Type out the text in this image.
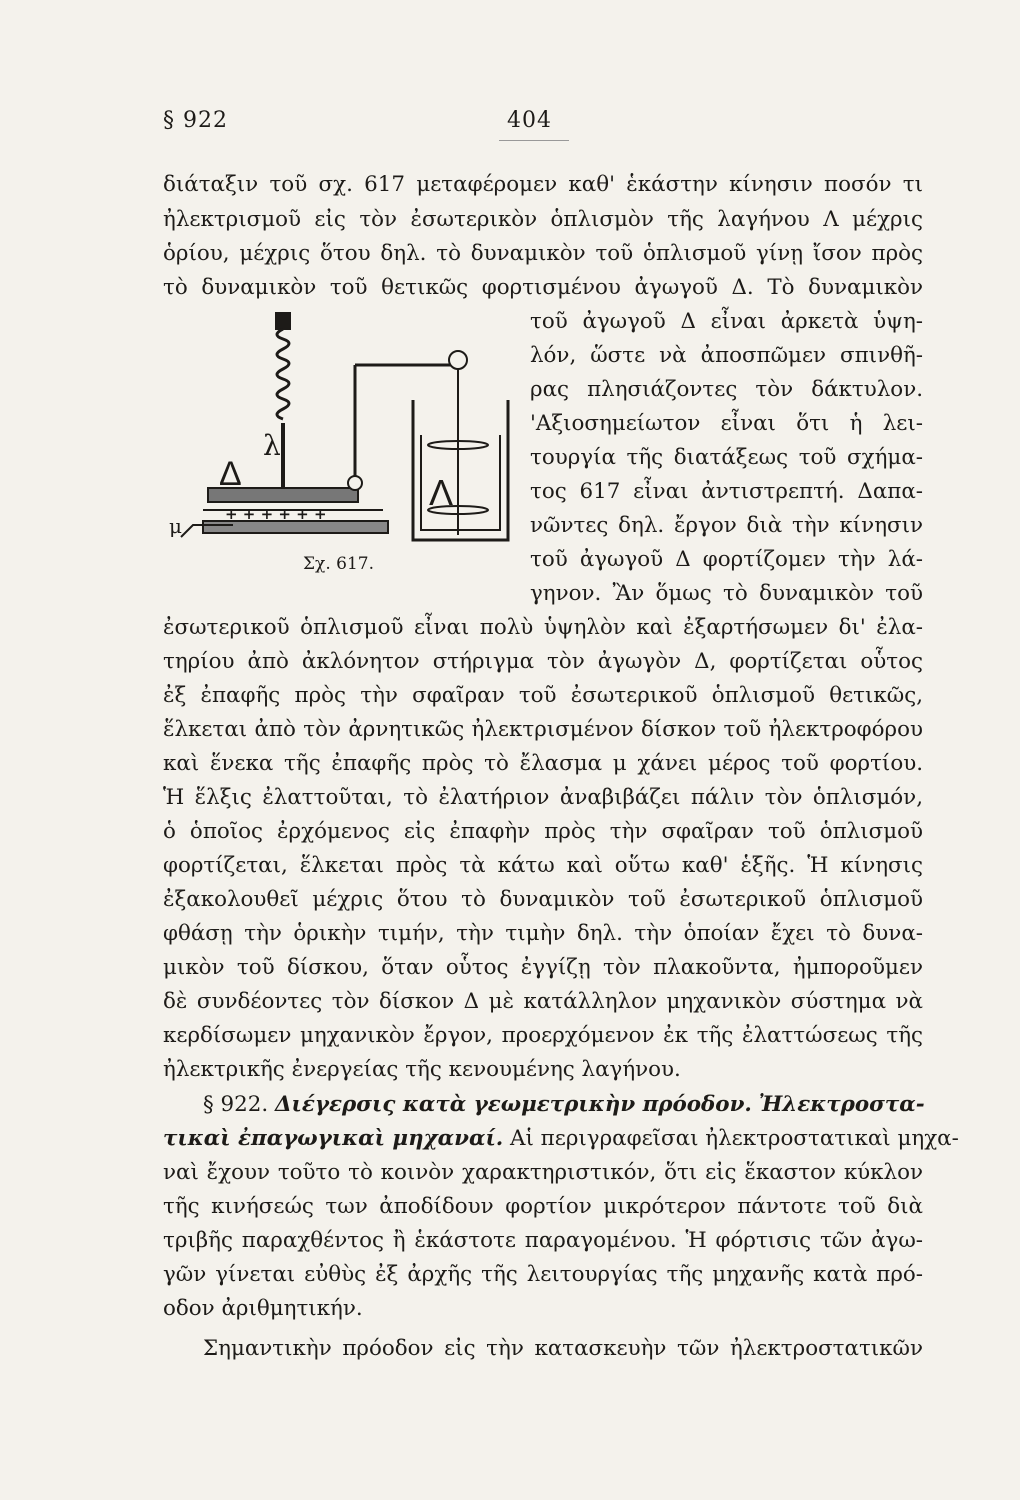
§ 922	404
διάταξιν τοῦ σχ. 617 μεταφέρομεν καθ' ἑκάστην κίνησιν ποσόν τι
ἠλεκτρισμοῦ εἰς τὸν ἐσωτερικὸν ὁπλισμὸν τῆς λαγήνου Λ μέχρις
ὁρίου, μέχρις ὅτου δηλ. τὸ δυναμικὸν τοῦ ὁπλισμοῦ γίνῃ ἴσον πρὸς
τὸ δυναμικὸν τοῦ θετικῶς φορτισμένου ἀγωγοῦ Δ. Τὸ δυναμικὸν
Δ
λ
Λ
μ	+ + + + + +
Σχ. 617.
τοῦ ἀγωγοῦ Δ εἶναι ἀρκετὰ ὑψη-
λόν, ὥστε νὰ ἀποσπῶμεν σπινθῆ-
ρας πλησιάζοντες τὸν δάκτυλον.
'Αξιοσημείωτον εἶναι ὅτι ἡ λει-
τουργία τῆς διατάξεως τοῦ σχήμα-
τος 617 εἶναι ἀντιστρεπτή. Δαπα-
νῶντες δηλ. ἔργον διὰ τὴν κίνησιν
τοῦ ἀγωγοῦ Δ φορτίζομεν τὴν λά-
γηνον. Ἂν ὅμως τὸ δυναμικὸν τοῦ
ἐσωτερικοῦ ὁπλισμοῦ εἶναι πολὺ ὑψηλὸν καὶ ἐξαρτήσωμεν δι' ἐλα-
τηρίου ἀπὸ ἀκλόνητον στήριγμα τὸν ἀγωγὸν Δ, φορτίζεται οὗτος
ἐξ ἐπαφῆς πρὸς τὴν σφαῖραν τοῦ ἐσωτερικοῦ ὁπλισμοῦ θετικῶς,
ἕλκεται ἀπὸ τὸν ἀρνητικῶς ἠλεκτρισμένον δίσκον τοῦ ἠλεκτροφόρου
καὶ ἕνεκα τῆς ἐπαφῆς πρὸς τὸ ἔλασμα μ χάνει μέρος τοῦ φορτίου.
Ἡ ἕλξις ἐλαττοῦται, τὸ ἐλατήριον ἀναβιβάζει πάλιν τὸν ὁπλισμόν,
ὁ ὁποῖος ἐρχόμενος εἰς ἐπαφὴν πρὸς τὴν σφαῖραν τοῦ ὁπλισμοῦ
φορτίζεται, ἕλκεται πρὸς τὰ κάτω καὶ οὕτω καθ' ἑξῆς. Ἡ κίνησις
ἐξακολουθεῖ μέχρις ὅτου τὸ δυναμικὸν τοῦ ἐσωτερικοῦ ὁπλισμοῦ
φθάσῃ τὴν ὁρικὴν τιμήν, τὴν τιμὴν δηλ. τὴν ὁποίαν ἔχει τὸ δυνα-
μικὸν τοῦ δίσκου, ὅταν οὗτος ἐγγίζῃ τὸν πλακοῦντα, ἠμποροῦμεν
δὲ συνδέοντες τὸν δίσκον Δ μὲ κατάλληλον μηχανικὸν σύστημα νὰ
κερδίσωμεν μηχανικὸν ἔργον, προερχόμενον ἐκ τῆς ἐλαττώσεως τῆς
ἠλεκτρικῆς ἐνεργείας τῆς κενουμένης λαγήνου.
§ 922. Διέγερσις κατὰ γεωμετρικὴν πρόοδον. Ἠλεκτροστα-
τικαὶ ἐπαγωγικαὶ μηχαναί. Αἱ περιγραφεῖσαι ἠλεκτροστατικαὶ μηχα-
ναὶ ἔχουν τοῦτο τὸ κοινὸν χαρακτηριστικόν, ὅτι εἰς ἕκαστον κύκλον
τῆς κινήσεώς των ἀποδίδουν φορτίον μικρότερον πάντοτε τοῦ διὰ
τριβῆς παραχθέντος ἢ ἑκάστοτε παραγομένου. Ἡ φόρτισις τῶν ἀγω-
γῶν γίνεται εὐθὺς ἐξ ἀρχῆς τῆς λειτουργίας τῆς μηχανῆς κατὰ πρό-
οδον ἀριθμητικήν.
Σημαντικὴν πρόοδον εἰς τὴν κατασκευὴν τῶν ἠλεκτροστατικῶν
